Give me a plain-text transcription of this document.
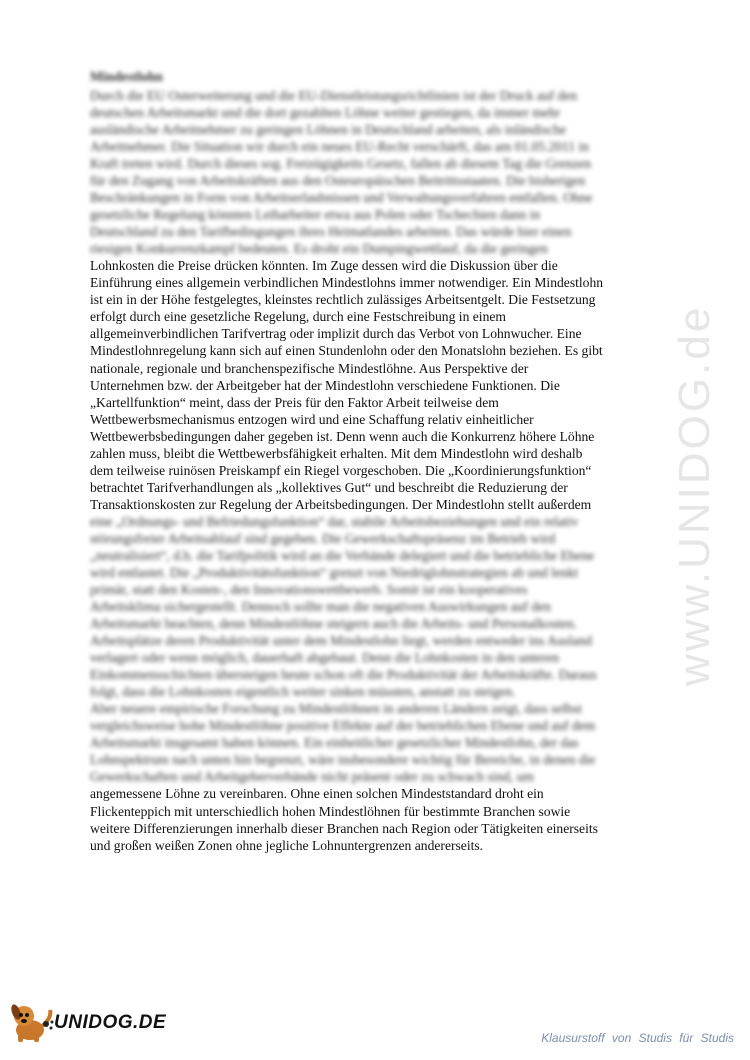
www.UNIDOG.de
Mindestlohn
Durch die EU Osterweiterung und die EU-Dienstleistungsrichtlinien ist der Druck auf den
deutschen Arbeitsmarkt und die dort gezahlten Löhne weiter gestiegen, da immer mehr
ausländische Arbeitnehmer zu geringen Löhnen in Deutschland arbeiten, als inländische
Arbeitnehmer. Die Situation wir durch ein neues EU-Recht verschärft, das am 01.05.2011 in
Kraft treten wird. Durch dieses sog. Freizügigkeits Gesetz, fallen ab diesem Tag die Grenzen
für den Zugang von Arbeitskräften aus den Osteuropäischen Beitrittsstaaten. Die bisherigen
Beschränkungen in Form von Arbeitserlaubnissen und Verwaltungsverfahren entfallen. Ohne
gesetzliche Regelung könnten Leiharbeiter etwa aus Polen oder Tschechien dann in
Deutschland zu den Tarifbedingungen ihres Heimatlandes arbeiten. Das würde hier einen
riesigen Konkurrenzkampf bedeuten. Es droht ein Dumpingwettlauf, da die geringen
Lohnkosten die Preise drücken könnten. Im Zuge dessen wird die Diskussion über die
Einführung eines allgemein verbindlichen Mindestlohns immer notwendiger. Ein Mindestlohn
ist ein in der Höhe festgelegtes, kleinstes rechtlich zulässiges Arbeitsentgelt. Die Festsetzung
erfolgt durch eine gesetzliche Regelung, durch eine Festschreibung in einem
allgemeinverbindlichen Tarifvertrag oder implizit durch das Verbot von Lohnwucher. Eine
Mindestlohnregelung kann sich auf einen Stundenlohn oder den Monatslohn beziehen. Es gibt
nationale, regionale und branchenspezifische Mindestlöhne. Aus Perspektive der
Unternehmen bzw. der Arbeitgeber hat der Mindestlohn verschiedene Funktionen. Die
„Kartellfunktion“ meint, dass der Preis für den Faktor Arbeit teilweise dem
Wettbewerbsmechanismus entzogen wird und eine Schaffung relativ einheitlicher
Wettbewerbsbedingungen daher gegeben ist. Denn wenn auch die Konkurrenz höhere Löhne
zahlen muss, bleibt die Wettbewerbsfähigkeit erhalten. Mit dem Mindestlohn wird deshalb
dem teilweise ruinösen Preiskampf ein Riegel vorgeschoben. Die „Koordinierungsfunktion“
betrachtet Tarifverhandlungen als „kollektives Gut“ und beschreibt die Reduzierung der
Transaktionskosten zur Regelung der Arbeitsbedingungen. Der Mindestlohn stellt außerdem
eine „Ordnungs- und Befriedungsfunktion“ dar, stabile Arbeitsbeziehungen und ein relativ
störungsfreier Arbeitsablauf sind gegeben. Die Gewerkschaftspräsenz im Betrieb wird
„neutralisiert“, d.h. die Tarifpolitik wird an die Verbände delegiert und die betriebliche Ebene
wird entlastet. Die „Produktivitätsfunktion“ grenzt von Niedriglohnstrategien ab und lenkt
primär, statt den Kosten-, den Innovationswettbewerb. Somit ist ein kooperatives
Arbeitsklima sichergestellt. Dennoch sollte man die negativen Auswirkungen auf den
Arbeitsmarkt beachten, denn Mindestlöhne steigern auch die Arbeits- und Personalkosten.
Arbeitsplätze deren Produktivität unter dem Mindestlohn liegt, werden entweder ins Ausland
verlagert oder wenn möglich, dauerhaft abgebaut. Denn die Lohnkosten in den unteren
Einkommensschichten übersteigen heute schon oft die Produktivität der Arbeitskräfte. Daraus
folgt, dass die Lohnkosten eigentlich weiter sinken müssten, anstatt zu steigen.
Aber neuere empirische Forschung zu Mindestlöhnen in anderen Ländern zeigt, dass selbst
vergleichsweise hohe Mindestlöhne positive Effekte auf der betrieblichen Ebene und auf dem
Arbeitsmarkt insgesamt haben können. Ein einheitlicher gesetzlicher Mindestlohn, der das
Lohnspektrum nach unten hin begrenzt, wäre insbesondere wichtig für Bereiche, in denen die
Gewerkschaften und Arbeitgeberverbände nicht präsent oder zu schwach sind, um
angemessene Löhne zu vereinbaren. Ohne einen solchen Mindeststandard droht ein
Flickenteppich mit unterschiedlich hohen Mindestlöhnen für bestimmte Branchen sowie
weitere Differenzierungen innerhalb dieser Branchen nach Region oder Tätigkeiten einerseits
und großen weißen Zonen ohne jegliche Lohnuntergrenzen andererseits.
UNIDOG.DE
Klausurstoff von Studis für Studis
